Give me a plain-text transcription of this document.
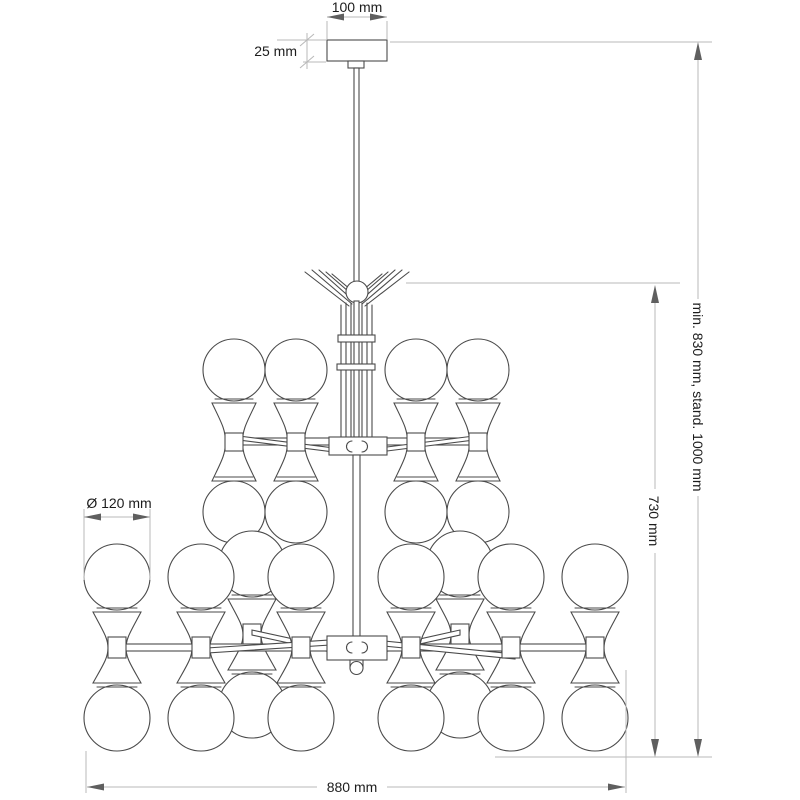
100 mm
25 mm
min. 830 mm, stand. 1000 mm
730 mm
Ø 120 mm
880 mm
